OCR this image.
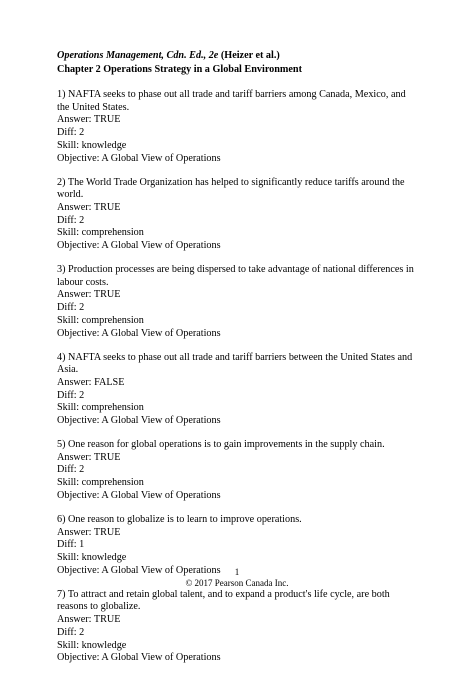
Operations Management, Cdn. Ed., 2e (Heizer et al.)
Chapter 2 Operations Strategy in a Global Environment
1) NAFTA seeks to phase out all trade and tariff barriers among Canada, Mexico, and the United States.
Answer: TRUE
Diff: 2
Skill: knowledge
Objective: A Global View of Operations
2) The World Trade Organization has helped to significantly reduce tariffs around the world.
Answer: TRUE
Diff: 2
Skill: comprehension
Objective: A Global View of Operations
3) Production processes are being dispersed to take advantage of national differences in labour costs.
Answer: TRUE
Diff: 2
Skill: comprehension
Objective: A Global View of Operations
4) NAFTA seeks to phase out all trade and tariff barriers between the United States and Asia.
Answer: FALSE
Diff: 2
Skill: comprehension
Objective: A Global View of Operations
5) One reason for global operations is to gain improvements in the supply chain.
Answer: TRUE
Diff: 2
Skill: comprehension
Objective: A Global View of Operations
6) One reason to globalize is to learn to improve operations.
Answer: TRUE
Diff: 1
Skill: knowledge
Objective: A Global View of Operations
7) To attract and retain global talent, and to expand a product's life cycle, are both reasons to globalize.
Answer: TRUE
Diff: 2
Skill: knowledge
Objective: A Global View of Operations
1
© 2017 Pearson Canada Inc.
